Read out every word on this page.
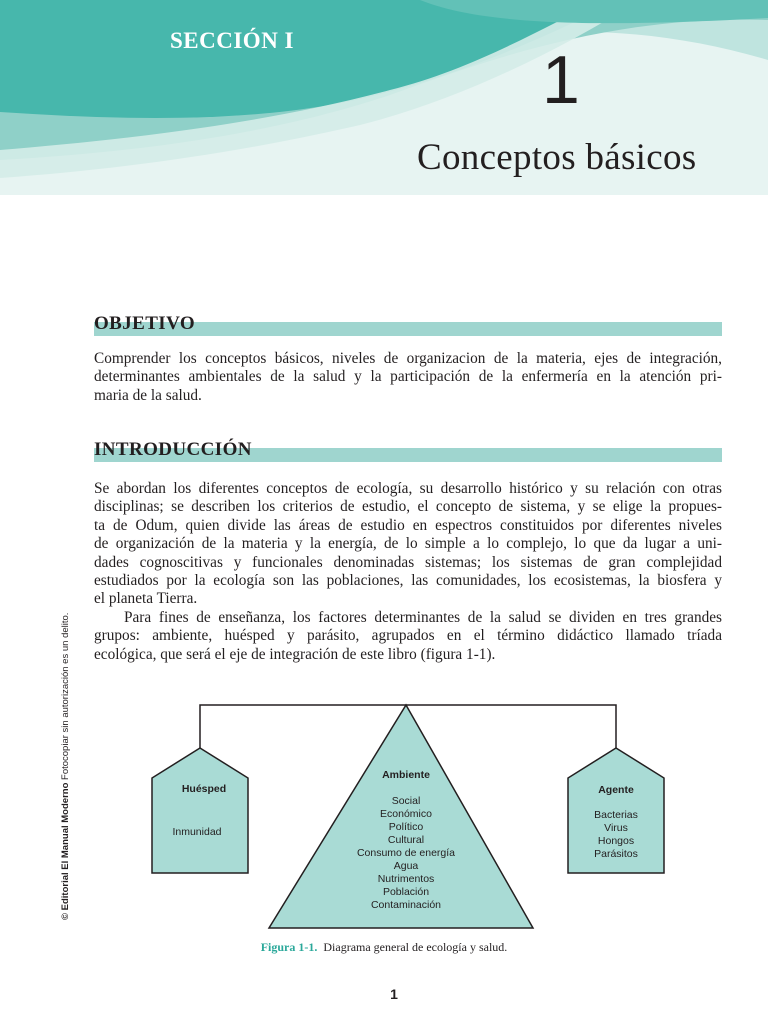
SECCIÓN I
1
Conceptos básicos
OBJETIVO

Comprender los conceptos básicos, niveles de organizacion de la materia, ejes de integración,
determinantes ambientales de la salud y la participación de la enfermería en la atención pri-
maria de la salud.

INTRODUCCIÓN

Se abordan los diferentes conceptos de ecología, su desarrollo histórico y su relación con otras
disciplinas; se describen los criterios de estudio, el concepto de sistema, y se elige la propues-
ta de Odum, quien divide las áreas de estudio en espectros constituidos por diferentes niveles
de organización de la materia y la energía, de lo simple a lo complejo, lo que da lugar a uni-
dades cognoscitivas y funcionales denominadas sistemas; los sistemas de gran complejidad
estudiados por la ecología son las poblaciones, las comunidades, los ecosistemas, la biosfera y
el planeta Tierra.

Para fines de enseñanza, los factores determinantes de la salud se dividen en tres grandes
grupos: ambiente, huésped y parásito, agrupados en el término didáctico llamado tríada
ecológica, que será el eje de integración de este libro (figura 1-1).

© Editorial El Manual Moderno Fotocopiar sin autorización es un delito.
Huésped
Inmunidad
Agente
Bacterias
Virus
Hongos
Parásitos
Ambiente
Social
Económico
Político
Cultural
Consumo de energía
Agua
Nutrimentos
Población
Contaminación
Figura 1-1. Diagrama general de ecología y salud.
1
